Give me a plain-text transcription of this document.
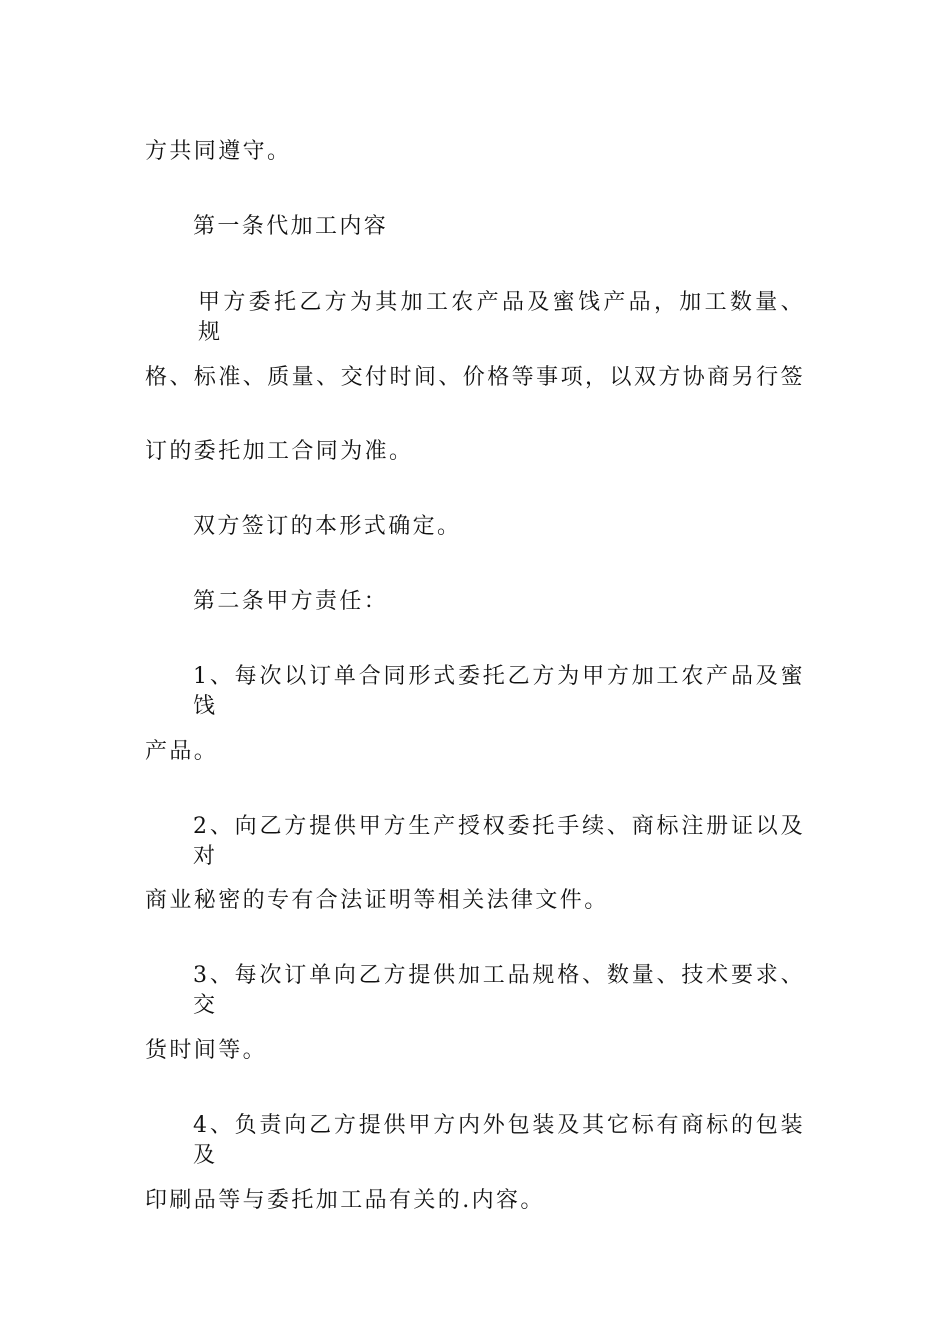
方共同遵守。
第一条代加工内容
甲方委托乙方为其加工农产品及蜜饯产品，加工数量、规
格、标准、质量、交付时间、价格等事项，以双方协商另行签
订的委托加工合同为准。
双方签订的本形式确定。
第二条甲方责任：
1、每次以订单合同形式委托乙方为甲方加工农产品及蜜饯
产品。
2、向乙方提供甲方生产授权委托手续、商标注册证以及对
商业秘密的专有合法证明等相关法律文件。
3、每次订单向乙方提供加工品规格、数量、技术要求、交
货时间等。
4、负责向乙方提供甲方内外包装及其它标有商标的包装及
印刷品等与委托加工品有关的.内容。
